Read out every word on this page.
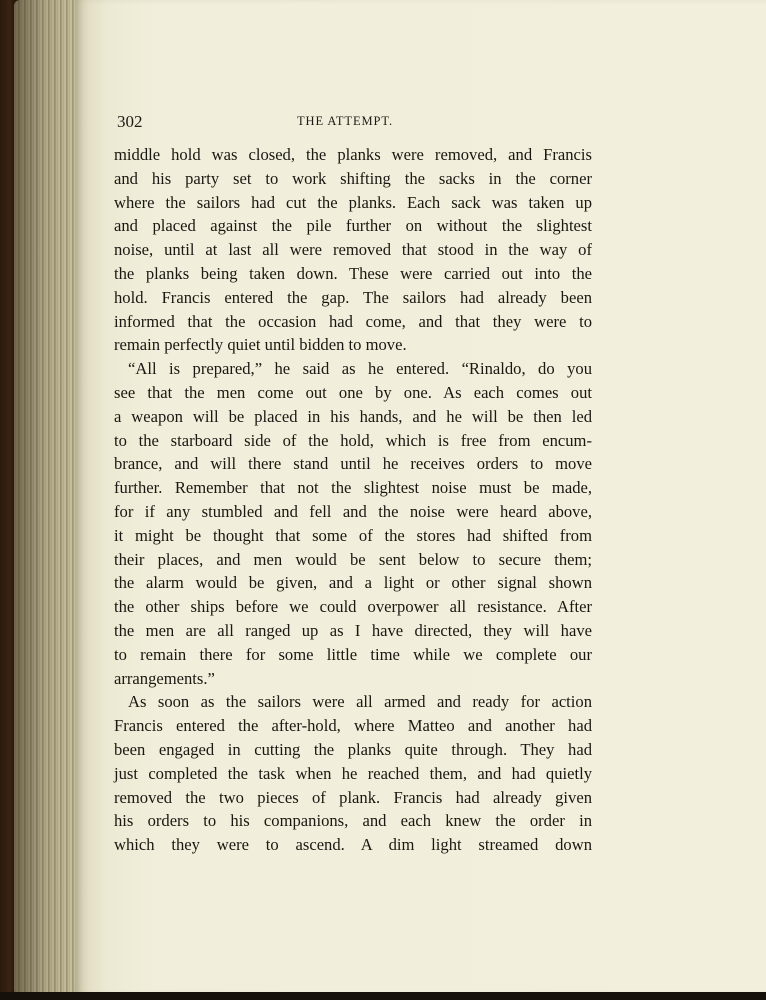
302	THE ATTEMPT.
middle hold was closed, the planks were removed, and Francis
and his party set to work shifting the sacks in the corner
where the sailors had cut the planks. Each sack was taken up
and placed against the pile further on without the slightest
noise, until at last all were removed that stood in the way of
the planks being taken down. These were carried out into the
hold. Francis entered the gap. The sailors had already been
informed that the occasion had come, and that they were to
remain perfectly quiet until bidden to move.
“All is prepared,” he said as he entered. “Rinaldo, do you
see that the men come out one by one. As each comes out
a weapon will be placed in his hands, and he will be then led
to the starboard side of the hold, which is free from encum-
brance, and will there stand until he receives orders to move
further. Remember that not the slightest noise must be made,
for if any stumbled and fell and the noise were heard above,
it might be thought that some of the stores had shifted from
their places, and men would be sent below to secure them;
the alarm would be given, and a light or other signal shown
the other ships before we could overpower all resistance. After
the men are all ranged up as I have directed, they will have
to remain there for some little time while we complete our
arrangements.”
As soon as the sailors were all armed and ready for action
Francis entered the after-hold, where Matteo and another had
been engaged in cutting the planks quite through. They had
just completed the task when he reached them, and had quietly
removed the two pieces of plank. Francis had already given
his orders to his companions, and each knew the order in
which they were to ascend. A dim light streamed down
